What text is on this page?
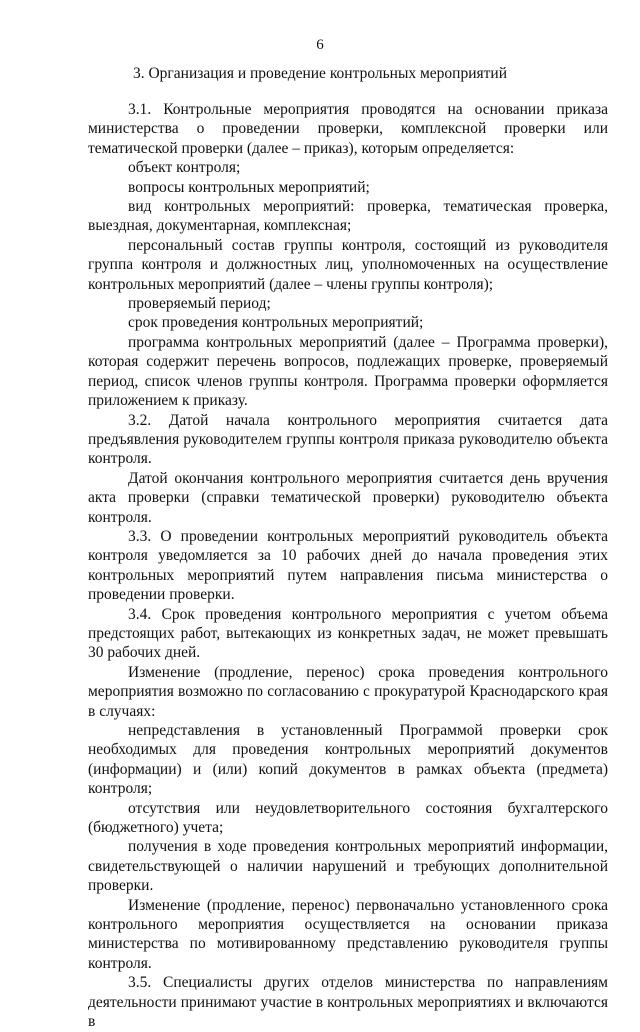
6
3. Организация и проведение контрольных мероприятий

3.1. Контрольные мероприятия проводятся на основании приказа министерства о проведении проверки, комплексной проверки или тематической проверки (далее – приказ), которым определяется:

объект контроля;

вопросы контрольных мероприятий;

вид контрольных мероприятий: проверка, тематическая проверка, выездная, документарная, комплексная;

персональный состав группы контроля, состоящий из руководителя группа контроля и должностных лиц, уполномоченных на осуществление контрольных мероприятий (далее – члены группы контроля);

проверяемый период;

срок проведения контрольных мероприятий;

программа контрольных мероприятий (далее – Программа проверки), которая содержит перечень вопросов, подлежащих проверке, проверяемый период, список членов группы контроля. Программа проверки оформляется приложением к приказу.

3.2. Датой начала контрольного мероприятия считается дата предъявления руководителем группы контроля приказа руководителю объекта контроля.

Датой окончания контрольного мероприятия считается день вручения акта проверки (справки тематической проверки) руководителю объекта контроля.

3.3. О проведении контрольных мероприятий руководитель объекта контроля уведомляется за 10 рабочих дней до начала проведения этих контрольных мероприятий путем направления письма министерства о проведении проверки.

3.4. Срок проведения контрольного мероприятия с учетом объема предстоящих работ, вытекающих из конкретных задач, не может превышать 30 рабочих дней.

Изменение (продление, перенос) срока проведения контрольного мероприятия возможно по согласованию с прокуратурой Краснодарского края в случаях:

непредставления в установленный Программой проверки срок необходимых для проведения контрольных мероприятий документов (информации) и (или) копий документов в рамках объекта (предмета) контроля;

отсутствия или неудовлетворительного состояния бухгалтерского (бюджетного) учета;

получения в ходе проведения контрольных мероприятий информации, свидетельствующей о наличии нарушений и требующих дополнительной проверки.

Изменение (продление, перенос) первоначально установленного срока контрольного мероприятия осуществляется на основании приказа министерства по мотивированному представлению руководителя группы контроля.

3.5. Специалисты других отделов министерства по направлениям деятельности принимают участие в контрольных мероприятиях и включаются в
